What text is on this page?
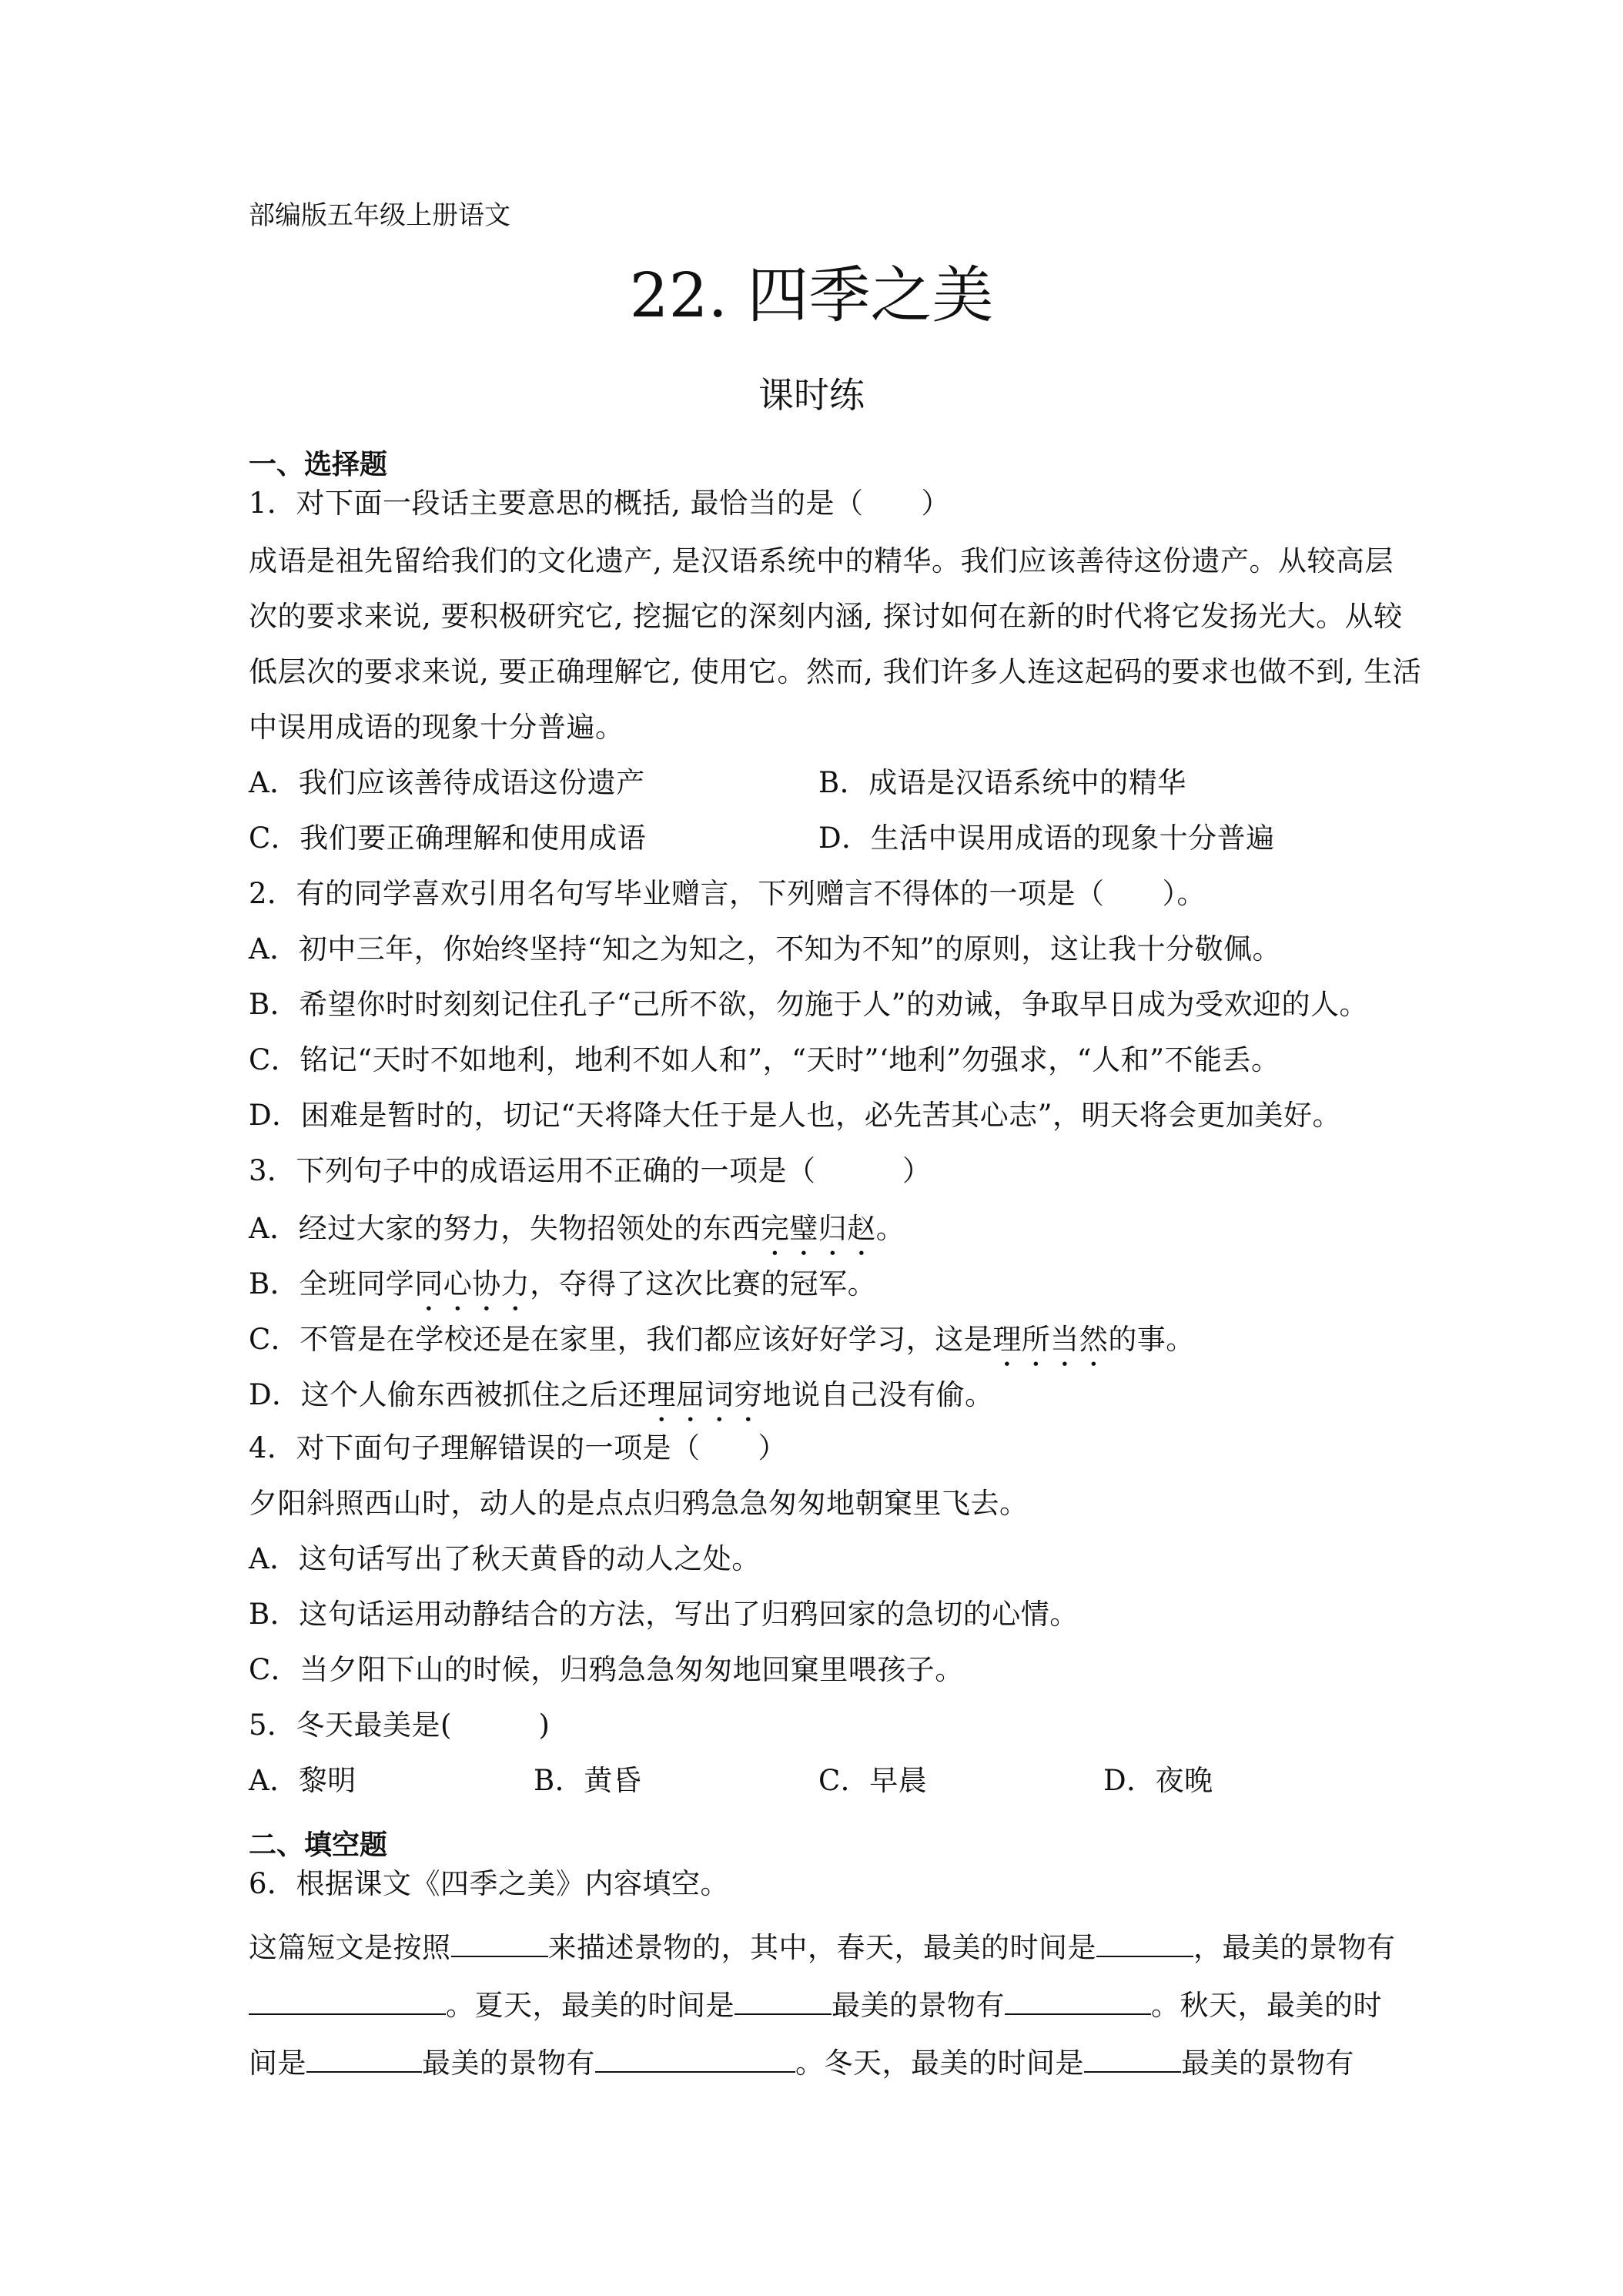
部编版五年级上册语文
22. 四季之美
课时练
一、选择题
1．对下面一段话主要意思的概括, 最恰当的是（　　）
成语是祖先留给我们的文化遗产, 是汉语系统中的精华。我们应该善待这份遗产。从较高层
次的要求来说, 要积极研究它, 挖掘它的深刻内涵, 探讨如何在新的时代将它发扬光大。从较
低层次的要求来说, 要正确理解它, 使用它。然而, 我们许多人连这起码的要求也做不到, 生活
中误用成语的现象十分普遍。
A．我们应该善待成语这份遗产	B．成语是汉语系统中的精华
C．我们要正确理解和使用成语	D．生活中误用成语的现象十分普遍
2．有的同学喜欢引用名句写毕业赠言，下列赠言不得体的一项是（　　）。
A．初中三年，你始终坚持“知之为知之，不知为不知”的原则，这让我十分敬佩。
B．希望你时时刻刻记住孔子“己所不欲，勿施于人”的劝诫，争取早日成为受欢迎的人。
C．铭记“天时不如地利，地利不如人和”，“天时”‘地利”勿强求，“人和”不能丢。
D．困难是暂时的，切记“天将降大任于是人也，必先苦其心志”，明天将会更加美好。
3．下列句子中的成语运用不正确的一项是（　　　）
A．经过大家的努力，失物招领处的东西完璧归赵。
B．全班同学同心协力，夺得了这次比赛的冠军。
C．不管是在学校还是在家里，我们都应该好好学习，这是理所当然的事。
D．这个人偷东西被抓住之后还理屈词穷地说自己没有偷。
4．对下面句子理解错误的一项是（　　）
夕阳斜照西山时，动人的是点点归鸦急急匆匆地朝窠里飞去。
A．这句话写出了秋天黄昏的动人之处。
B．这句话运用动静结合的方法，写出了归鸦回家的急切的心情。
C．当夕阳下山的时候，归鸦急急匆匆地回窠里喂孩子。
5．冬天最美是(　　　)
A．黎明	B．黄昏	C．早晨	D．夜晚
二、填空题
6．根据课文《四季之美》内容填空。
这篇短文是按照	来描述景物的，其中，春天，最美的时间是	，最美的景物有
。夏天，最美的时间是	最美的景物有	。秋天，最美的时
间是	最美的景物有	。冬天，最美的时间是	最美的景物有
